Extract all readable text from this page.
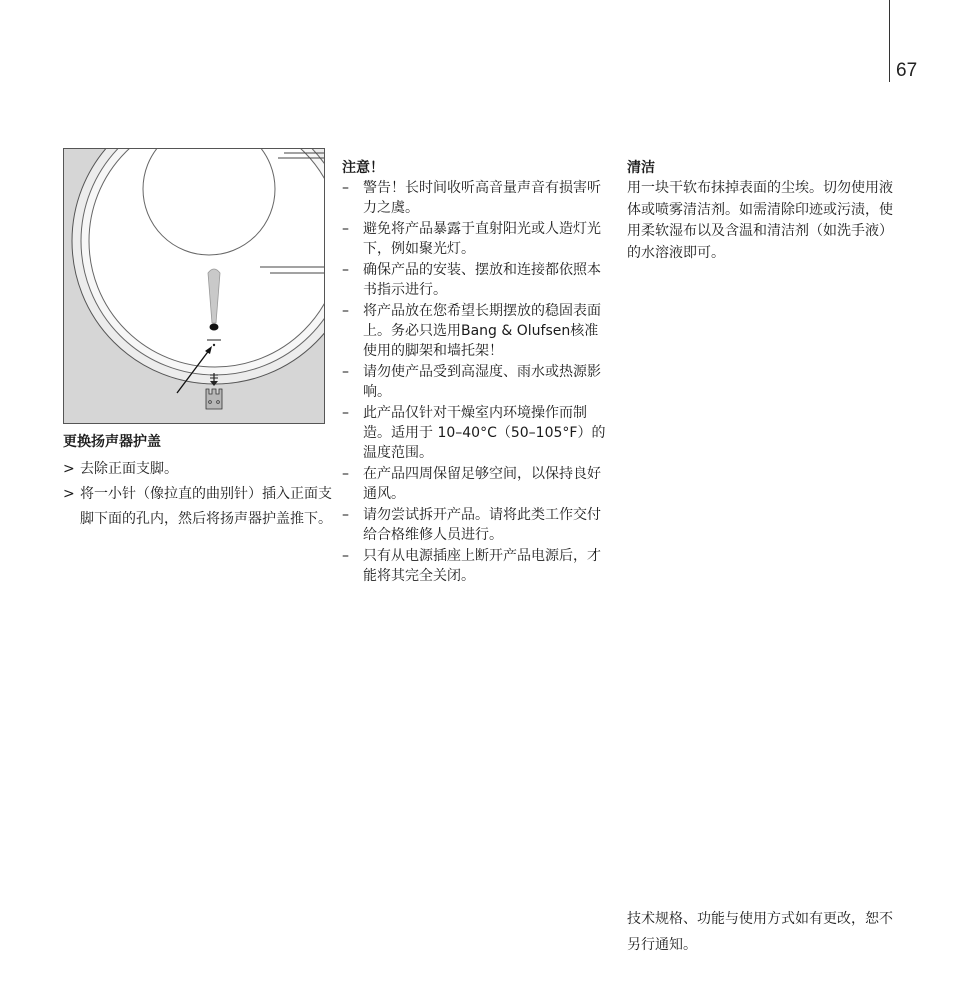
67
更换扬声器护盖
> 去除正面支脚。
> 将一小针（像拉直的曲别针）插入正面支脚下面的孔内，然后将扬声器护盖推下。
注意！
– 警告！长时间收听高音量声音有损害听力之虞。
– 避免将产品暴露于直射阳光或人造灯光下，例如聚光灯。
– 确保产品的安装、摆放和连接都依照本书指示进行。
– 将产品放在您希望长期摆放的稳固表面上。务必只选用Bang & Olufsen核准使用的脚架和墙托架！
– 请勿使产品受到高湿度、雨水或热源影响。
– 此产品仅针对干燥室内环境操作而制造。适用于 10–40°C（50–105°F）的温度范围。
– 在产品四周保留足够空间，以保持良好通风。
– 请勿尝试拆开产品。请将此类工作交付给合格维修人员进行。
– 只有从电源插座上断开产品电源后，才能将其完全关闭。
清洁
用一块干软布抹掉表面的尘埃。切勿使用液体或喷雾清洁剂。如需清除印迹或污渍，使用柔软湿布以及含温和清洁剂（如洗手液）的水溶液即可。
技术规格、功能与使用方式如有更改，恕不另行通知。
